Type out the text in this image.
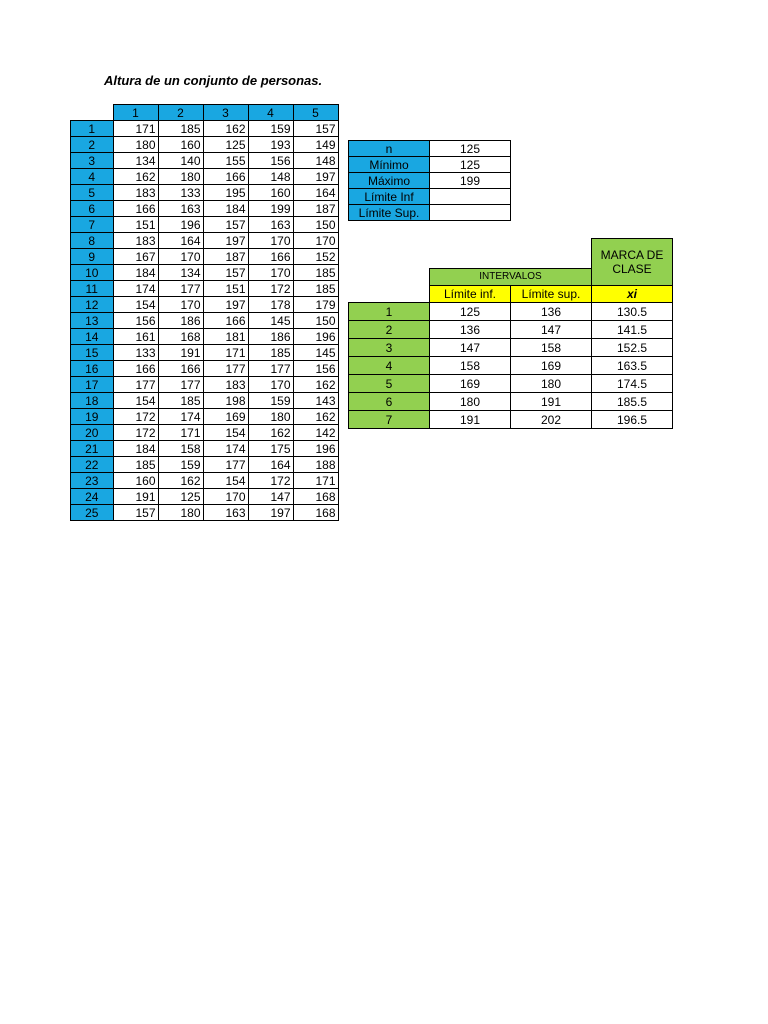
Altura de un conjunto de personas.
	1	2	3	4	5
1	171	185	162	159	157
2	180	160	125	193	149
3	134	140	155	156	148
4	162	180	166	148	197
5	183	133	195	160	164
6	166	163	184	199	187
7	151	196	157	163	150
8	183	164	197	170	170
9	167	170	187	166	152
10	184	134	157	170	185
11	174	177	151	172	185
12	154	170	197	178	179
13	156	186	166	145	150
14	161	168	181	186	196
15	133	191	171	185	145
16	166	166	177	177	156
17	177	177	183	170	162
18	154	185	198	159	143
19	172	174	169	180	162
20	172	171	154	162	142
21	184	158	174	175	196
22	185	159	177	164	188
23	160	162	154	172	171
24	191	125	170	147	168
25	157	180	163	197	168
n	125
Mínimo	125
Máximo	199
Límite Inf	
Límite Sup.	
			MARCA DE CLASE
	INTERVALOS		
	Límite inf.	Límite sup.	xi
1	125	136	130.5
2	136	147	141.5
3	147	158	152.5
4	158	169	163.5
5	169	180	174.5
6	180	191	185.5
7	191	202	196.5
